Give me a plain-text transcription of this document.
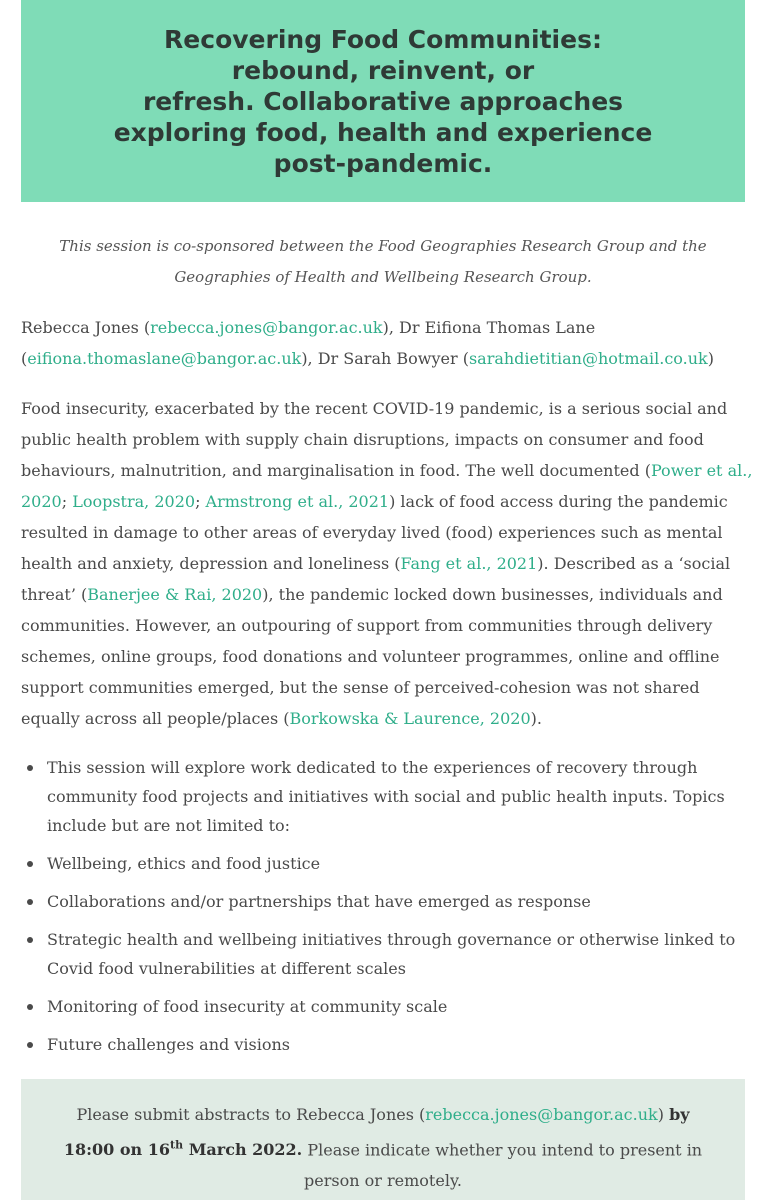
Recovering Food Communities:
rebound, reinvent, or
refresh. Collaborative approaches
exploring food, health and experience
post-pandemic.
This session is co-sponsored between the Food Geographies Research Group and the
Geographies of Health and Wellbeing Research Group.
Rebecca Jones (rebecca.jones@bangor.ac.uk), Dr Eifiona Thomas Lane
(eifiona.thomaslane@bangor.ac.uk), Dr Sarah Bowyer (sarahdietitian@hotmail.co.uk)
Food insecurity, exacerbated by the recent COVID-19 pandemic, is a serious social and
public health problem with supply chain disruptions, impacts on consumer and food
behaviours, malnutrition, and marginalisation in food. The well documented (Power et al.,
2020; Loopstra, 2020; Armstrong et al., 2021) lack of food access during the pandemic
resulted in damage to other areas of everyday lived (food) experiences such as mental
health and anxiety, depression and loneliness (Fang et al., 2021). Described as a ‘social
threat’ (Banerjee & Rai, 2020), the pandemic locked down businesses, individuals and
communities. However, an outpouring of support from communities through delivery
schemes, online groups, food donations and volunteer programmes, online and offline
support communities emerged, but the sense of perceived-cohesion was not shared
equally across all people/places (Borkowska & Laurence, 2020).
This session will explore work dedicated to the experiences of recovery through
community food projects and initiatives with social and public health inputs. Topics
include but are not limited to:
Wellbeing, ethics and food justice
Collaborations and/or partnerships that have emerged as response
Strategic health and wellbeing initiatives through governance or otherwise linked to
Covid food vulnerabilities at different scales
Monitoring of food insecurity at community scale
Future challenges and visions
Please submit abstracts to Rebecca Jones (rebecca.jones@bangor.ac.uk) by
18:00 on 16th March 2022. Please indicate whether you intend to present in
person or remotely.
